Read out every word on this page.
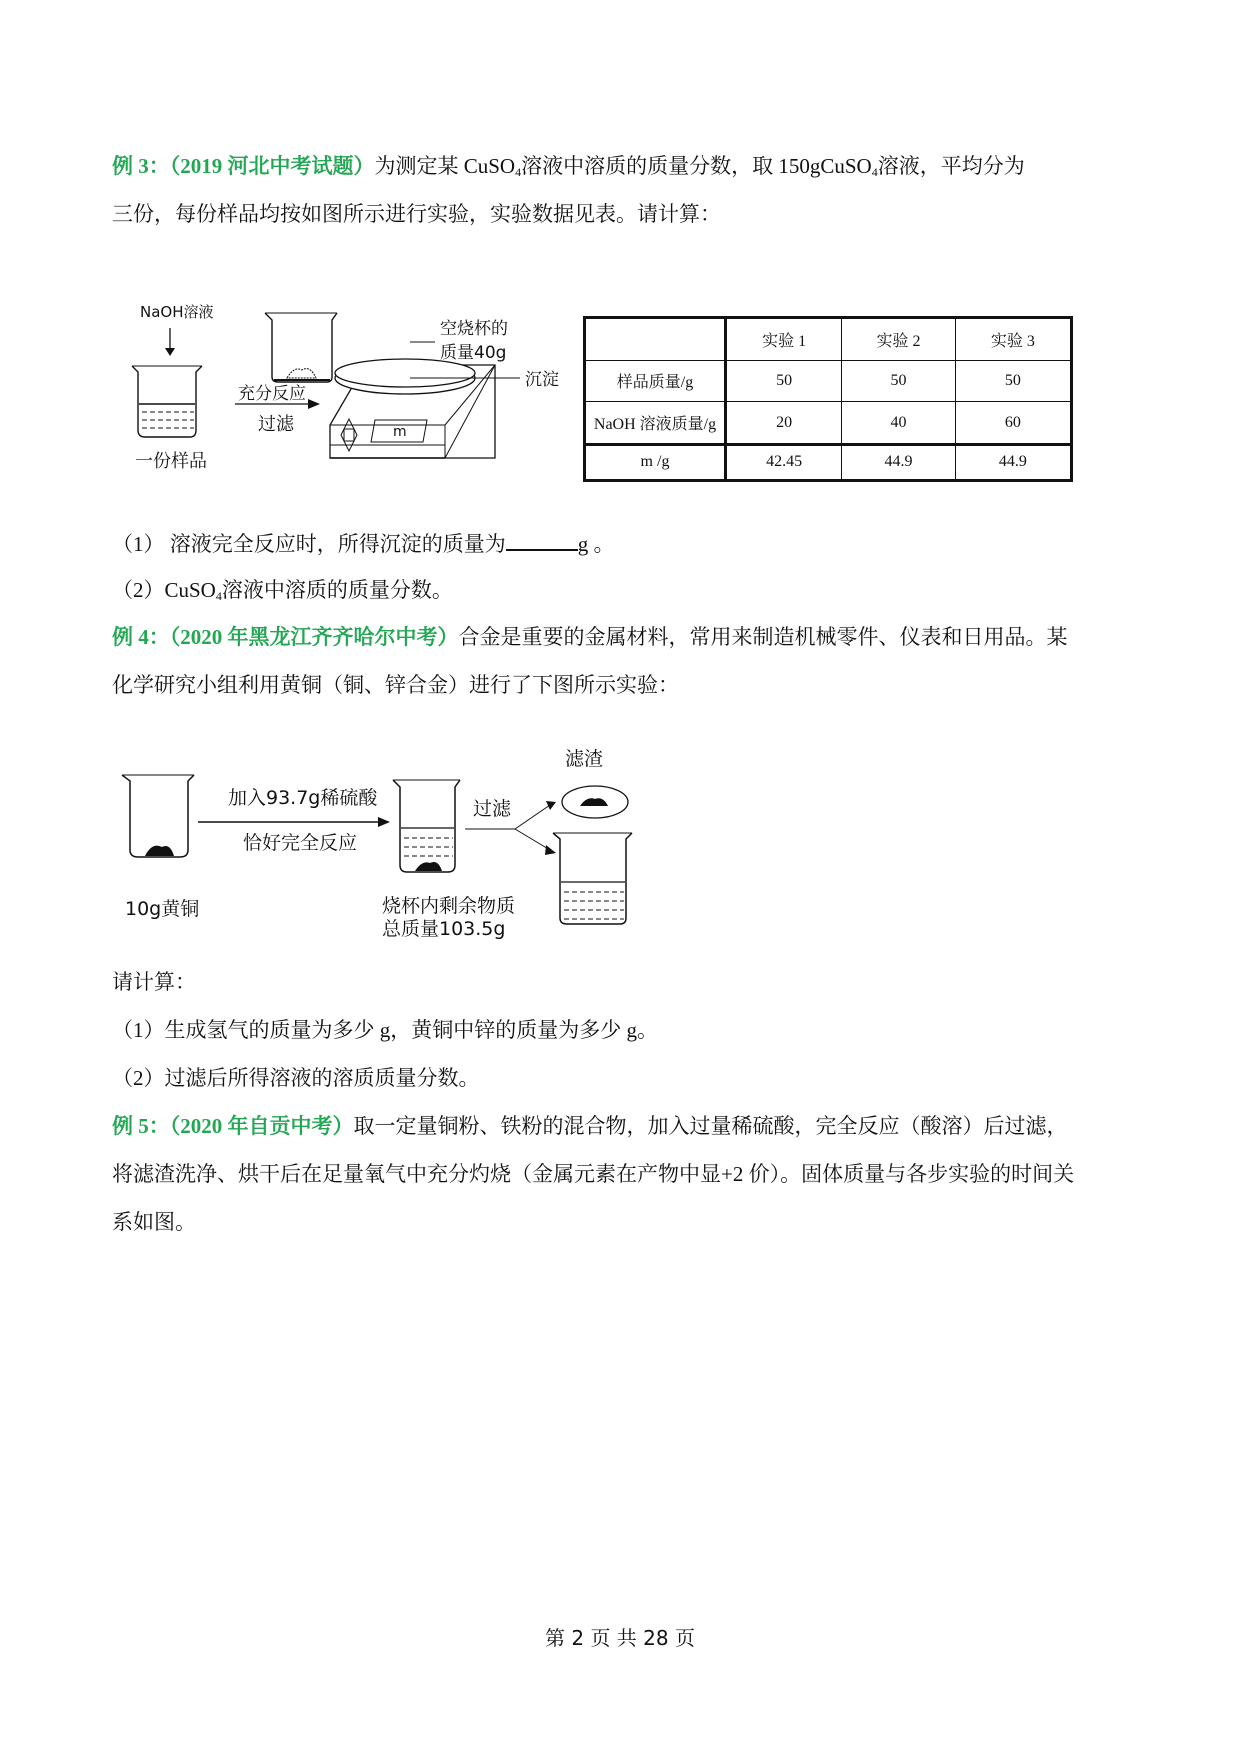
例 3：（2019 河北中考试题）为测定某 CuSO$_4$溶液中溶质的质量分数，取 150gCuSO$_4$溶液，平均分为
三份，每份样品均按如图所示进行实验，实验数据见表。请计算：
NaOH溶液
一份样品
充分反应
过滤	m
空烧杯的
质量40g
沉淀
	实验 1	实验 2	实验 3
样品质量/g	50	50	50
NaOH 溶液质量/g	20	40	60
m /g	42.45	44.9	44.9
（1） 溶液完全反应时，所得沉淀的质量为	g 。
（2）CuSO$_4$溶液中溶质的质量分数。
例 4：（2020 年黑龙江齐齐哈尔中考）合金是重要的金属材料，常用来制造机械零件、仪表和日用品。某
化学研究小组利用黄铜（铜、锌合金）进行了下图所示实验：
10g黄铜
加入93.7g稀硫酸
恰好完全反应
烧杯内剩余物质
总质量103.5g
过滤
滤渣
请计算：
（1）生成氢气的质量为多少 g，黄铜中锌的质量为多少 g。
（2）过滤后所得溶液的溶质质量分数。
例 5：（2020 年自贡中考）取一定量铜粉、铁粉的混合物，加入过量稀硫酸，完全反应（酸溶）后过滤，
将滤渣洗净、烘干后在足量氧气中充分灼烧（金属元素在产物中显+2 价）。固体质量与各步实验的时间关
系如图。
第 2 页 共 28 页
